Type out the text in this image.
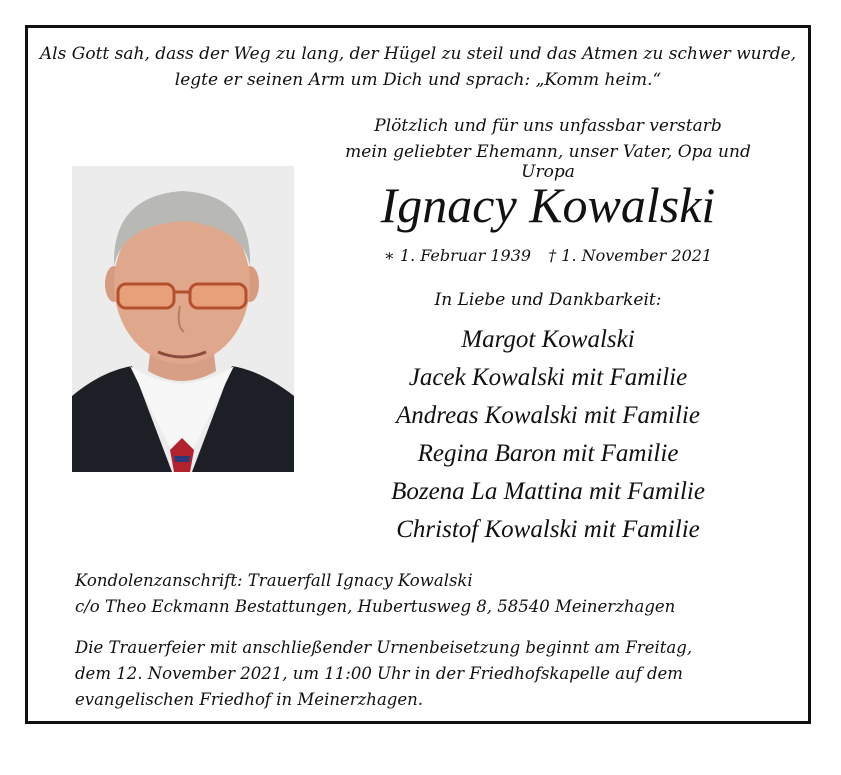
Als Gott sah, dass der Weg zu lang, der Hügel zu steil und das Atmen zu schwer wurde,
legte er seinen Arm um Dich und sprach: „Komm heim.“
Plötzlich und für uns unfassbar verstarb
mein geliebter Ehemann, unser Vater, Opa und Uropa
Ignacy Kowalski
∗ 1. Februar 1939 † 1. November 2021
In Liebe und Dankbarkeit:
Margot Kowalski
Jacek Kowalski mit Familie
Andreas Kowalski mit Familie
Regina Baron mit Familie
Bozena La Mattina mit Familie
Christof Kowalski mit Familie
Kondolenzanschrift: Trauerfall Ignacy Kowalski
c/o Theo Eckmann Bestattungen, Hubertusweg 8, 58540 Meinerzhagen
Die Trauerfeier mit anschließender Urnenbeisetzung beginnt am Freitag,
dem 12. November 2021, um 11:00 Uhr in der Friedhofskapelle auf dem
evangelischen Friedhof in Meinerzhagen.
